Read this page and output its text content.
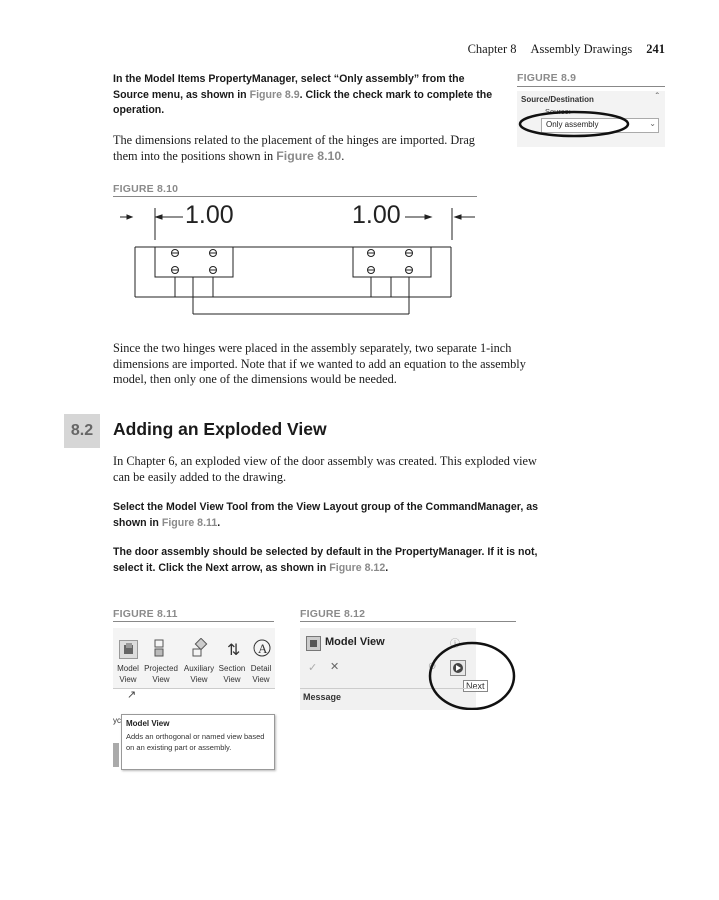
Chapter 8 Assembly Drawings 241
In the Model Items PropertyManager, select “Only assembly” from the Source menu, as shown in Figure 8.9. Click the check mark to complete the operation.
The dimensions related to the placement of the hinges are imported. Drag them into the positions shown in Figure 8.10.
FIGURE 8.9
Source/Destination	ˆ
Source:
Only assembly	⌄
FIGURE 8.10
1.00	1.00
Since the two hinges were placed in the assembly separately, two separate 1-inch dimensions are imported. Note that if we wanted to add an equation to the assembly model, then only one of the dimensions would be needed.
8.2	Adding an Exploded View
In Chapter 6, an exploded view of the door assembly was created. This exploded view can be easily added to the drawing.
Select the Model View Tool from the View Layout group of the CommandManager, as shown in Figure 8.11.
The door assembly should be selected by default in the PropertyManager. If it is not, select it. Click the Next arrow, as shown in Figure 8.12.
FIGURE 8.11
⇅ A
Model
View
Projected
View
Auxiliary
View
Section
View
Detail
View
↗
yc Model View
Adds an orthogonal or named view based on an existing part or assembly.
FIGURE 8.12
Model View	ⓘ
✓ ✕	⊖
Next
Message
